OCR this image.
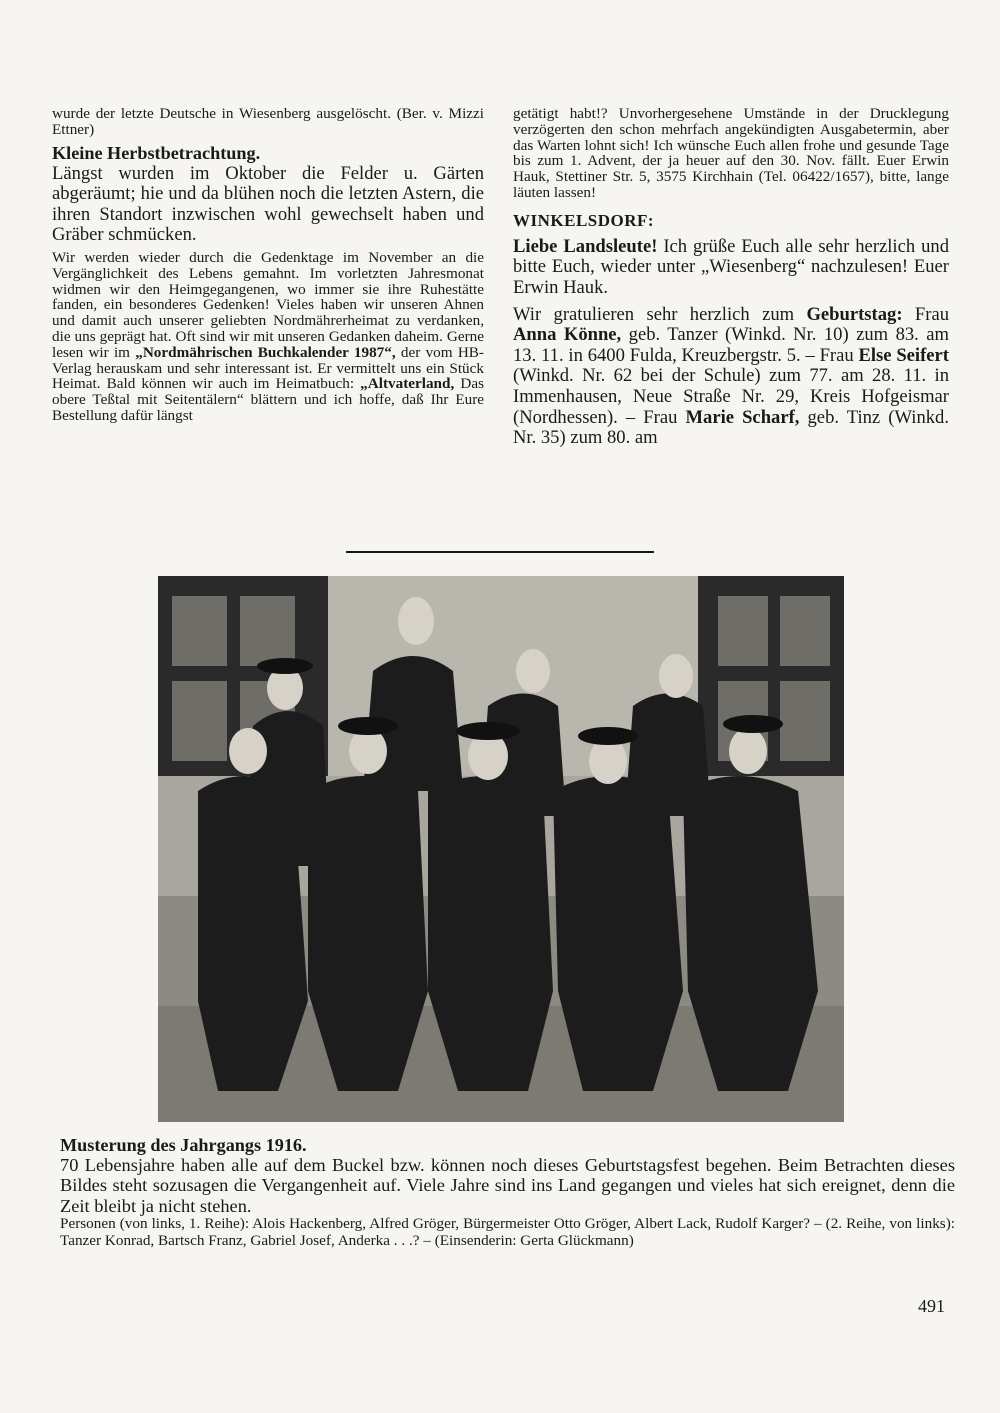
wurde der letzte Deutsche in Wiesenberg ausgelöscht. (Ber. v. Mizzi Ettner)

Kleine Herbstbetrachtung.

Längst wurden im Oktober die Felder u. Gärten abgeräumt; hie und da blühen noch die letzten Astern, die ihren Standort inzwischen wohl gewechselt haben und Gräber schmücken.

Wir werden wieder durch die Gedenktage im November an die Vergänglichkeit des Lebens gemahnt. Im vorletzten Jahresmonat widmen wir den Heimgegangenen, wo immer sie ihre Ruhestätte fanden, ein besonderes Gedenken! Vieles haben wir unseren Ahnen und damit auch unserer geliebten Nordmährerheimat zu verdanken, die uns geprägt hat. Oft sind wir mit unseren Gedanken daheim. Gerne lesen wir im „Nordmährischen Buchkalender 1987“, der vom HB-Verlag herauskam und sehr interessant ist. Er vermittelt uns ein Stück Heimat. Bald können wir auch im Heimatbuch: „Altvaterland, Das obere Teßtal mit Seitentälern“ blättern und ich hoffe, daß Ihr Eure Bestellung dafür längst

getätigt habt!? Unvorhergesehene Umstände in der Drucklegung verzögerten den schon mehrfach angekündigten Ausgabetermin, aber das Warten lohnt sich! Ich wünsche Euch allen frohe und gesunde Tage bis zum 1. Advent, der ja heuer auf den 30. Nov. fällt. Euer Erwin Hauk, Stettiner Str. 5, 3575 Kirchhain (Tel. 06422/1657), bitte, lange läuten lassen!

WINKELSDORF:

Liebe Landsleute! Ich grüße Euch alle sehr herzlich und bitte Euch, wieder unter „Wiesenberg“ nachzulesen! Euer Erwin Hauk.

Wir gratulieren sehr herzlich zum Geburtstag: Frau Anna Könne, geb. Tanzer (Winkd. Nr. 10) zum 83. am 13. 11. in 6400 Fulda, Kreuzbergstr. 5. – Frau Else Seifert (Winkd. Nr. 62 bei der Schule) zum 77. am 28. 11. in Immenhausen, Neue Straße Nr. 29, Kreis Hofgeismar (Nordhessen). – Frau Marie Scharf, geb. Tinz (Winkd. Nr. 35) zum 80. am

Musterung des Jahrgangs 1916.

70 Lebensjahre haben alle auf dem Buckel bzw. können noch dieses Geburtstagsfest begehen. Beim Betrachten dieses Bildes steht sozusagen die Vergangenheit auf. Viele Jahre sind ins Land gegangen und vieles hat sich ereignet, denn die Zeit bleibt ja nicht stehen.

Personen (von links, 1. Reihe): Alois Hackenberg, Alfred Gröger, Bürgermeister Otto Gröger, Albert Lack, Rudolf Karger? – (2. Reihe, von links): Tanzer Konrad, Bartsch Franz, Gabriel Josef, Anderka . . .? – (Einsenderin: Gerta Glückmann)

491
